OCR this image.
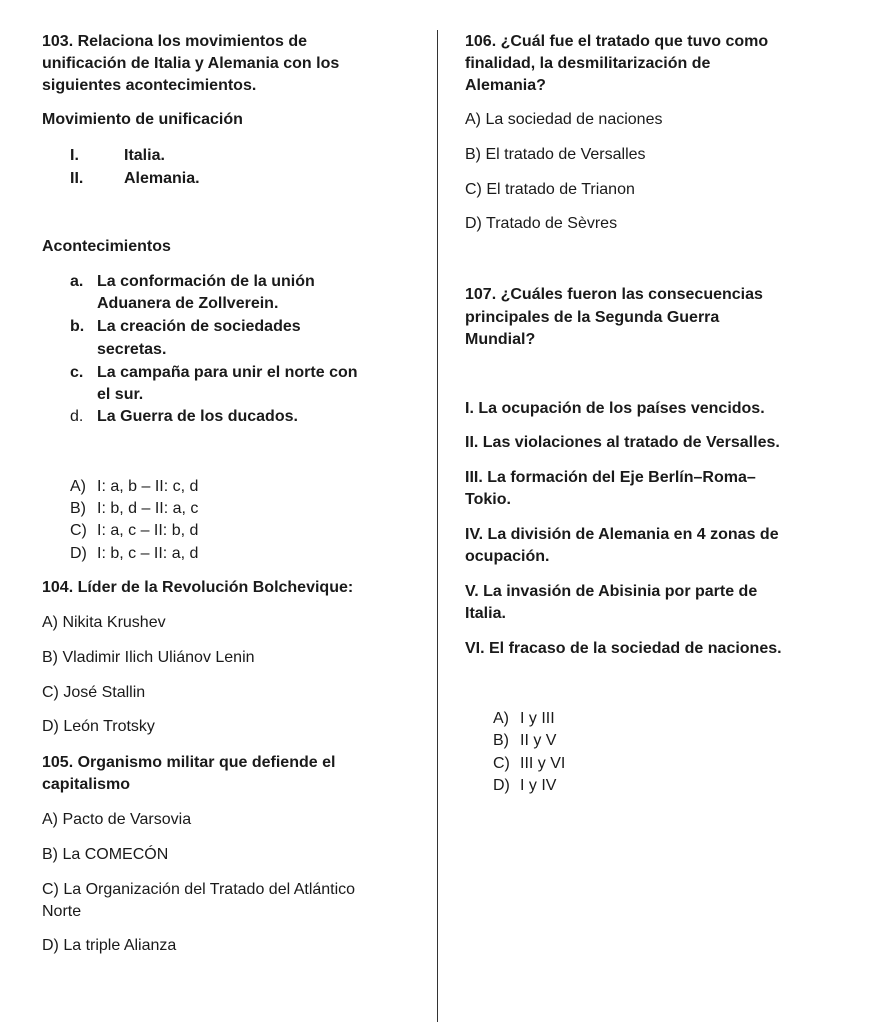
103. Relaciona los movimientos de
unificación de Italia y Alemania con los
siguientes acontecimientos.
Movimiento de unificación
I.	Italia.
II.	Alemania.
Acontecimientos
a. La conformación de la unión
Aduanera de Zollverein.
b. La creación de sociedades
secretas.
c. La campaña para unir el norte con
el sur.
d. La Guerra de los ducados.
A) I: a, b – II: c, d
B) I: b, d – II: a, c
C) I: a, c – II: b, d
D) I: b, c – II: a, d
104. Líder de la Revolución Bolchevique:
A) Nikita Krushev
B) Vladimir Ilich Uliánov Lenin
C) José Stallin
D) León Trotsky
105. Organismo militar que defiende el
capitalismo
A) Pacto de Varsovia
B) La COMECÓN
C) La Organización del Tratado del Atlántico
Norte
D) La triple Alianza
106. ¿Cuál fue el tratado que tuvo como
finalidad, la desmilitarización de
Alemania?
A) La sociedad de naciones
B) El tratado de Versalles
C) El tratado de Trianon
D) Tratado de Sèvres
107. ¿Cuáles fueron las consecuencias
principales de la Segunda Guerra
Mundial?
I. La ocupación de los países vencidos.
II. Las violaciones al tratado de Versalles.
III. La formación del Eje Berlín–Roma–
Tokio.
IV. La división de Alemania en 4 zonas de
ocupación.
V. La invasión de Abisinia por parte de
Italia.
VI. El fracaso de la sociedad de naciones.
A) I y III
B) II y V
C) III y VI
D) I y IV
